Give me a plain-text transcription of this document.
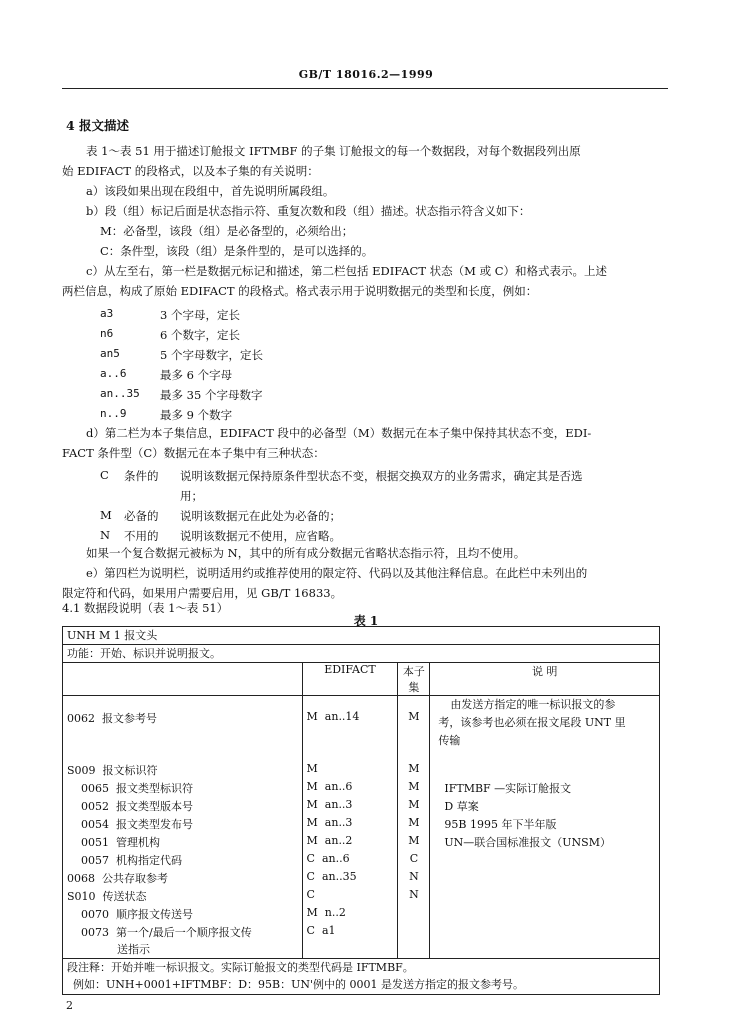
GB/T 18016.2—1999
4 报文描述
表 1～表 51 用于描述订舱报文 IFTMBF 的子集 订舱报文的每一个数据段，对每个数据段列出原
始 EDIFACT 的段格式，以及本子集的有关说明：
a）该段如果出现在段组中，首先说明所属段组。
b）段（组）标记后面是状态指示符、重复次数和段（组）描述。状态指示符含义如下：
M：必备型，该段（组）是必备型的，必须给出；
C：条件型，该段（组）是条件型的，是可以选择的。
c）从左至右，第一栏是数据元标记和描述，第二栏包括 EDIFACT 状态（M 或 C）和格式表示。上述
两栏信息，构成了原始 EDIFACT 的段格式。格式表示用于说明数据元的类型和长度，例如：
a3	3 个字母，定长
n6	6 个数字，定长
an5	5 个字母数字，定长
a..6	最多 6 个字母
an..35 最多 35 个字母数字
n..9	最多 9 个数字
d）第二栏为本子集信息，EDIFACT 段中的必备型（M）数据元在本子集中保持其状态不变，EDI-
FACT 条件型（C）数据元在本子集中有三种状态：
C 条件的 说明该数据元保持原条件型状态不变，根据交换双方的业务需求，确定其是否选
用；
M 必备的 说明该数据元在此处为必备的；
N 不用的 说明该数据元不使用，应省略。
如果一个复合数据元被标为 N，其中的所有成分数据元省略状态指示符，且均不使用。
e）第四栏为说明栏，说明适用约或推荐使用的限定符、代码以及其他注释信息。在此栏中未列出的
限定符和代码，如果用户需要启用，见 GB/T 16833。
4.1 数据段说明（表 1～表 51）
表 1
UNH M 1 报文头			
功能：开始、标识并说明报文。			
	EDIFACT	本子集	说 明
0062 报文参考号	M an..14	M	由发送方指定的唯一标识报文的参
考，该参考也必须在报文尾段 UNT 里
传输

S009 报文标识符	M	M	
0065 报文类型标识符	M an..6	M	IFTMBF —实际订舱报文
0052 报文类型版本号	M an..3	M	D 草案
0054 报文类型发布号	M an..3	M	95B 1995 年下半年版
0051 管理机构	M an..2	M	UN—联合国标准报文（UNSM）
0057 机构指定代码	C an..6	C	
0068 公共存取参考	C an..35	N	
S010 传送状态	C	N	
0070 顺序报文传送号	M n..2		
0073 第一个/最后一个顺序报文传
送指示	C a1		

段注释：开始并唯一标识报文。实际订舱报文的类型代码是 IFTMBF。
例如：UNH+0001+IFTMBF：D：95B：UN'例中的 0001 是发送方指定的报文参考号。			
2
